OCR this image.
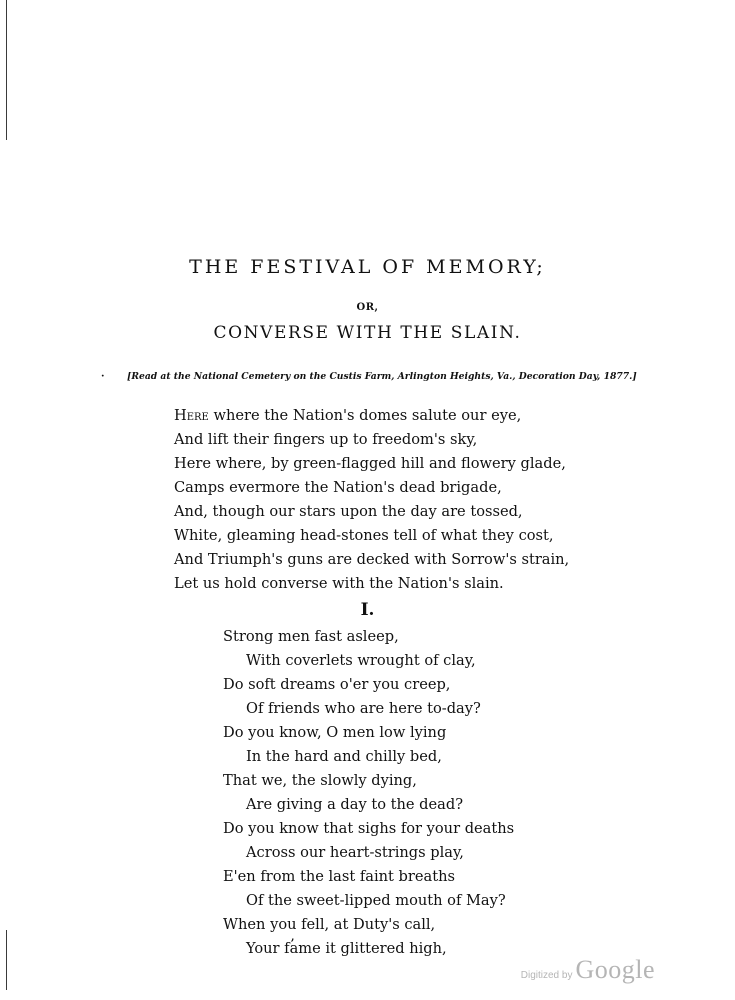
THE FESTIVAL OF MEMORY;
OR,
CONVERSE WITH THE SLAIN.
· [Read at the National Cemetery on the Custis Farm, Arlington Heights, Va., Decoration Day, 1877.]
Here where the Nation's domes salute our eye,
And lift their fingers up to freedom's sky,
Here where, by green-flagged hill and flowery glade,
Camps evermore the Nation's dead brigade,
And, though our stars upon the day are tossed,
White, gleaming head-stones tell of what they cost,
And Triumph's guns are decked with Sorrow's strain,
Let us hold converse with the Nation's slain.
I.
Strong men fast asleep,
With coverlets wrought of clay,
Do soft dreams o'er you creep,
Of friends who are here to-day?
Do you know, O men low lying
In the hard and chilly bed,
That we, the slowly dying,
Are giving a day to the dead?
Do you know that sighs for your deaths
Across our heart-strings play,
E'en from the last faint breaths
Of the sweet-lipped mouth of May?
When you fell, at Duty's call,
Your fame it glittered high,
,
Digitized by Google
